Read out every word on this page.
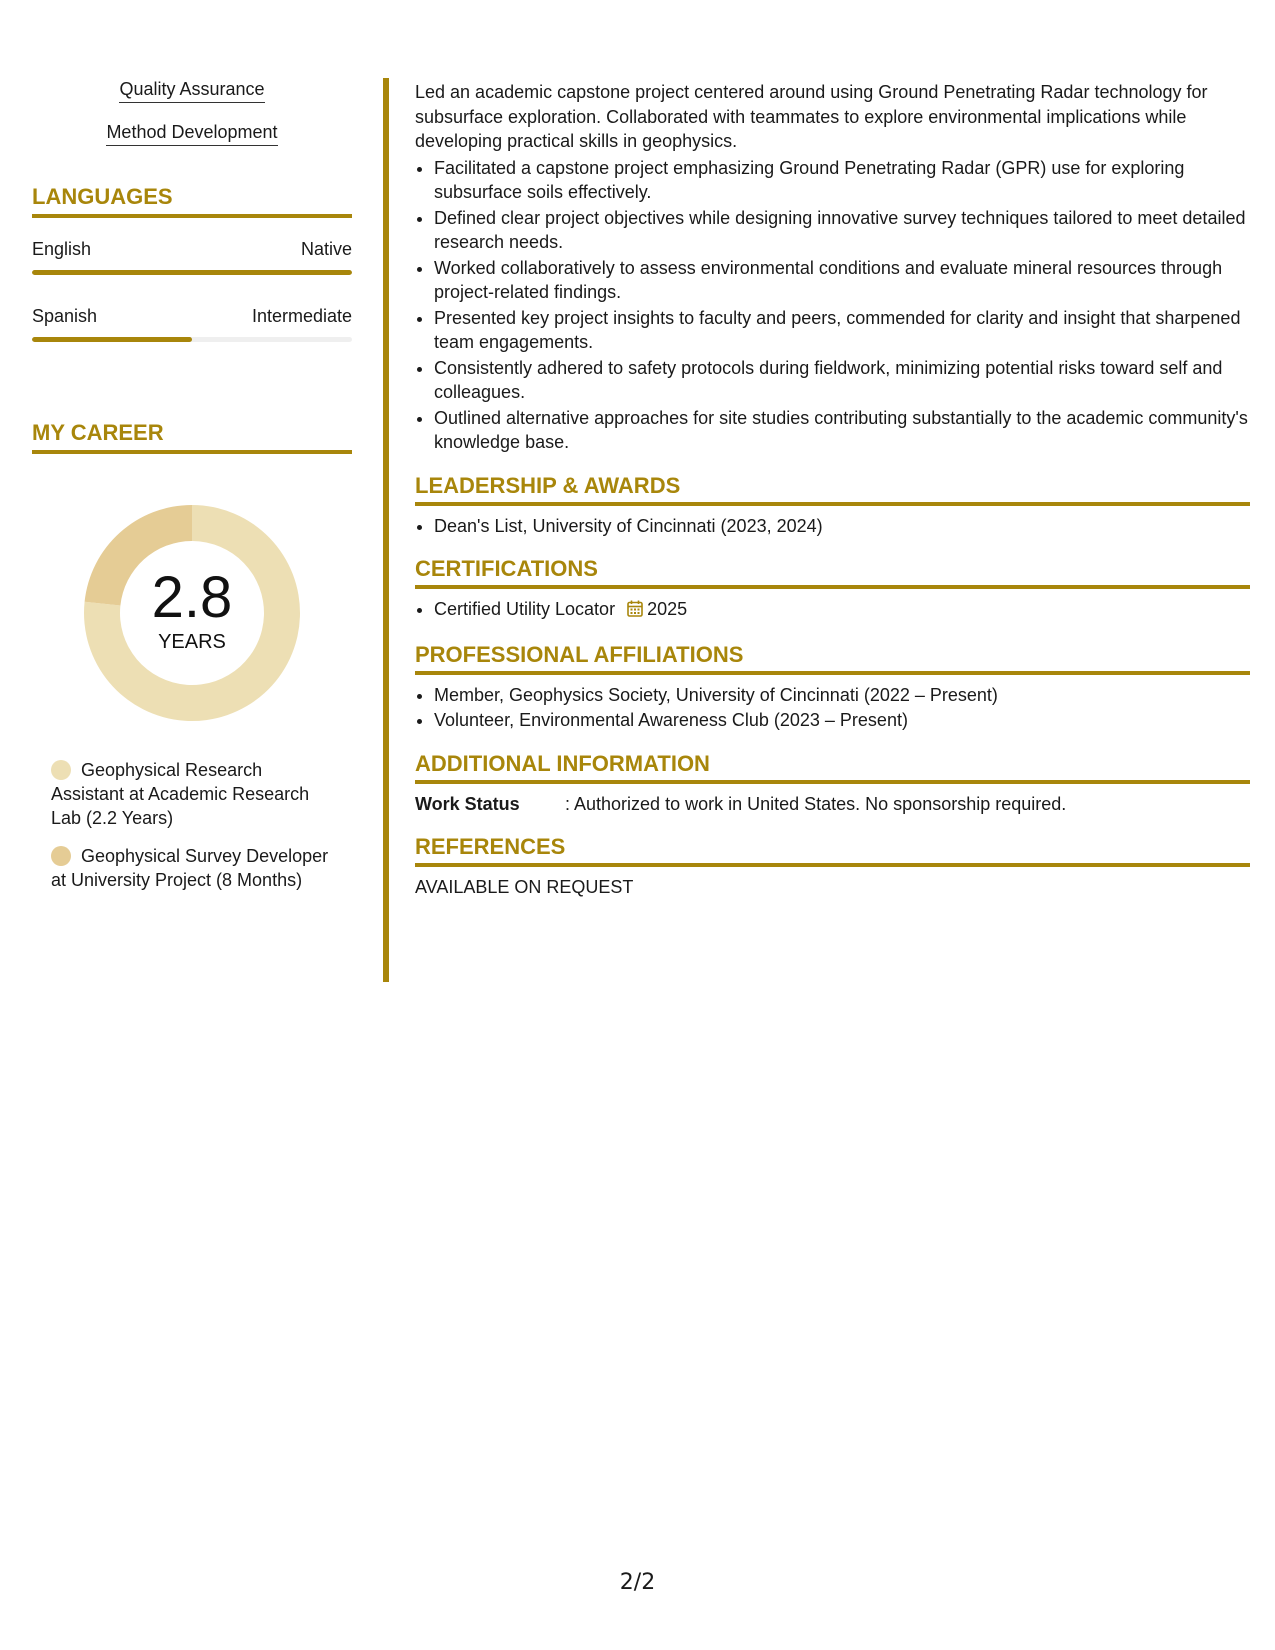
Quality Assurance
Method Development
LANGUAGES
English	Native
Spanish	Intermediate
MY CAREER
2.8
YEARS
Geophysical Research Assistant at Academic Research Lab (2.2 Years)
Geophysical Survey Developer at University Project (8 Months)

Led an academic capstone project centered around using Ground Penetrating Radar technology for subsurface exploration. Collaborated with teammates to explore environmental implications while developing practical skills in geophysics.

• Facilitated a capstone project emphasizing Ground Penetrating Radar (GPR) use for exploring subsurface soils effectively.
• Defined clear project objectives while designing innovative survey techniques tailored to meet detailed research needs.
• Worked collaboratively to assess environmental conditions and evaluate mineral resources through project-related findings.
• Presented key project insights to faculty and peers, commended for clarity and insight that sharpened team engagements.
• Consistently adhered to safety protocols during fieldwork, minimizing potential risks toward self and colleagues.
• Outlined alternative approaches for site studies contributing substantially to the academic community's knowledge base.
LEADERSHIP & AWARDS
• Dean's List, University of Cincinnati (2023, 2024)
CERTIFICATIONS
• Certified Utility Locator 2025
PROFESSIONAL AFFILIATIONS
• Member, Geophysics Society, University of Cincinnati (2022 – Present)
• Volunteer, Environmental Awareness Club (2023 – Present)
ADDITIONAL INFORMATION
Work Status	: Authorized to work in United States. No sponsorship required.
REFERENCES

AVAILABLE ON REQUEST

2/2
